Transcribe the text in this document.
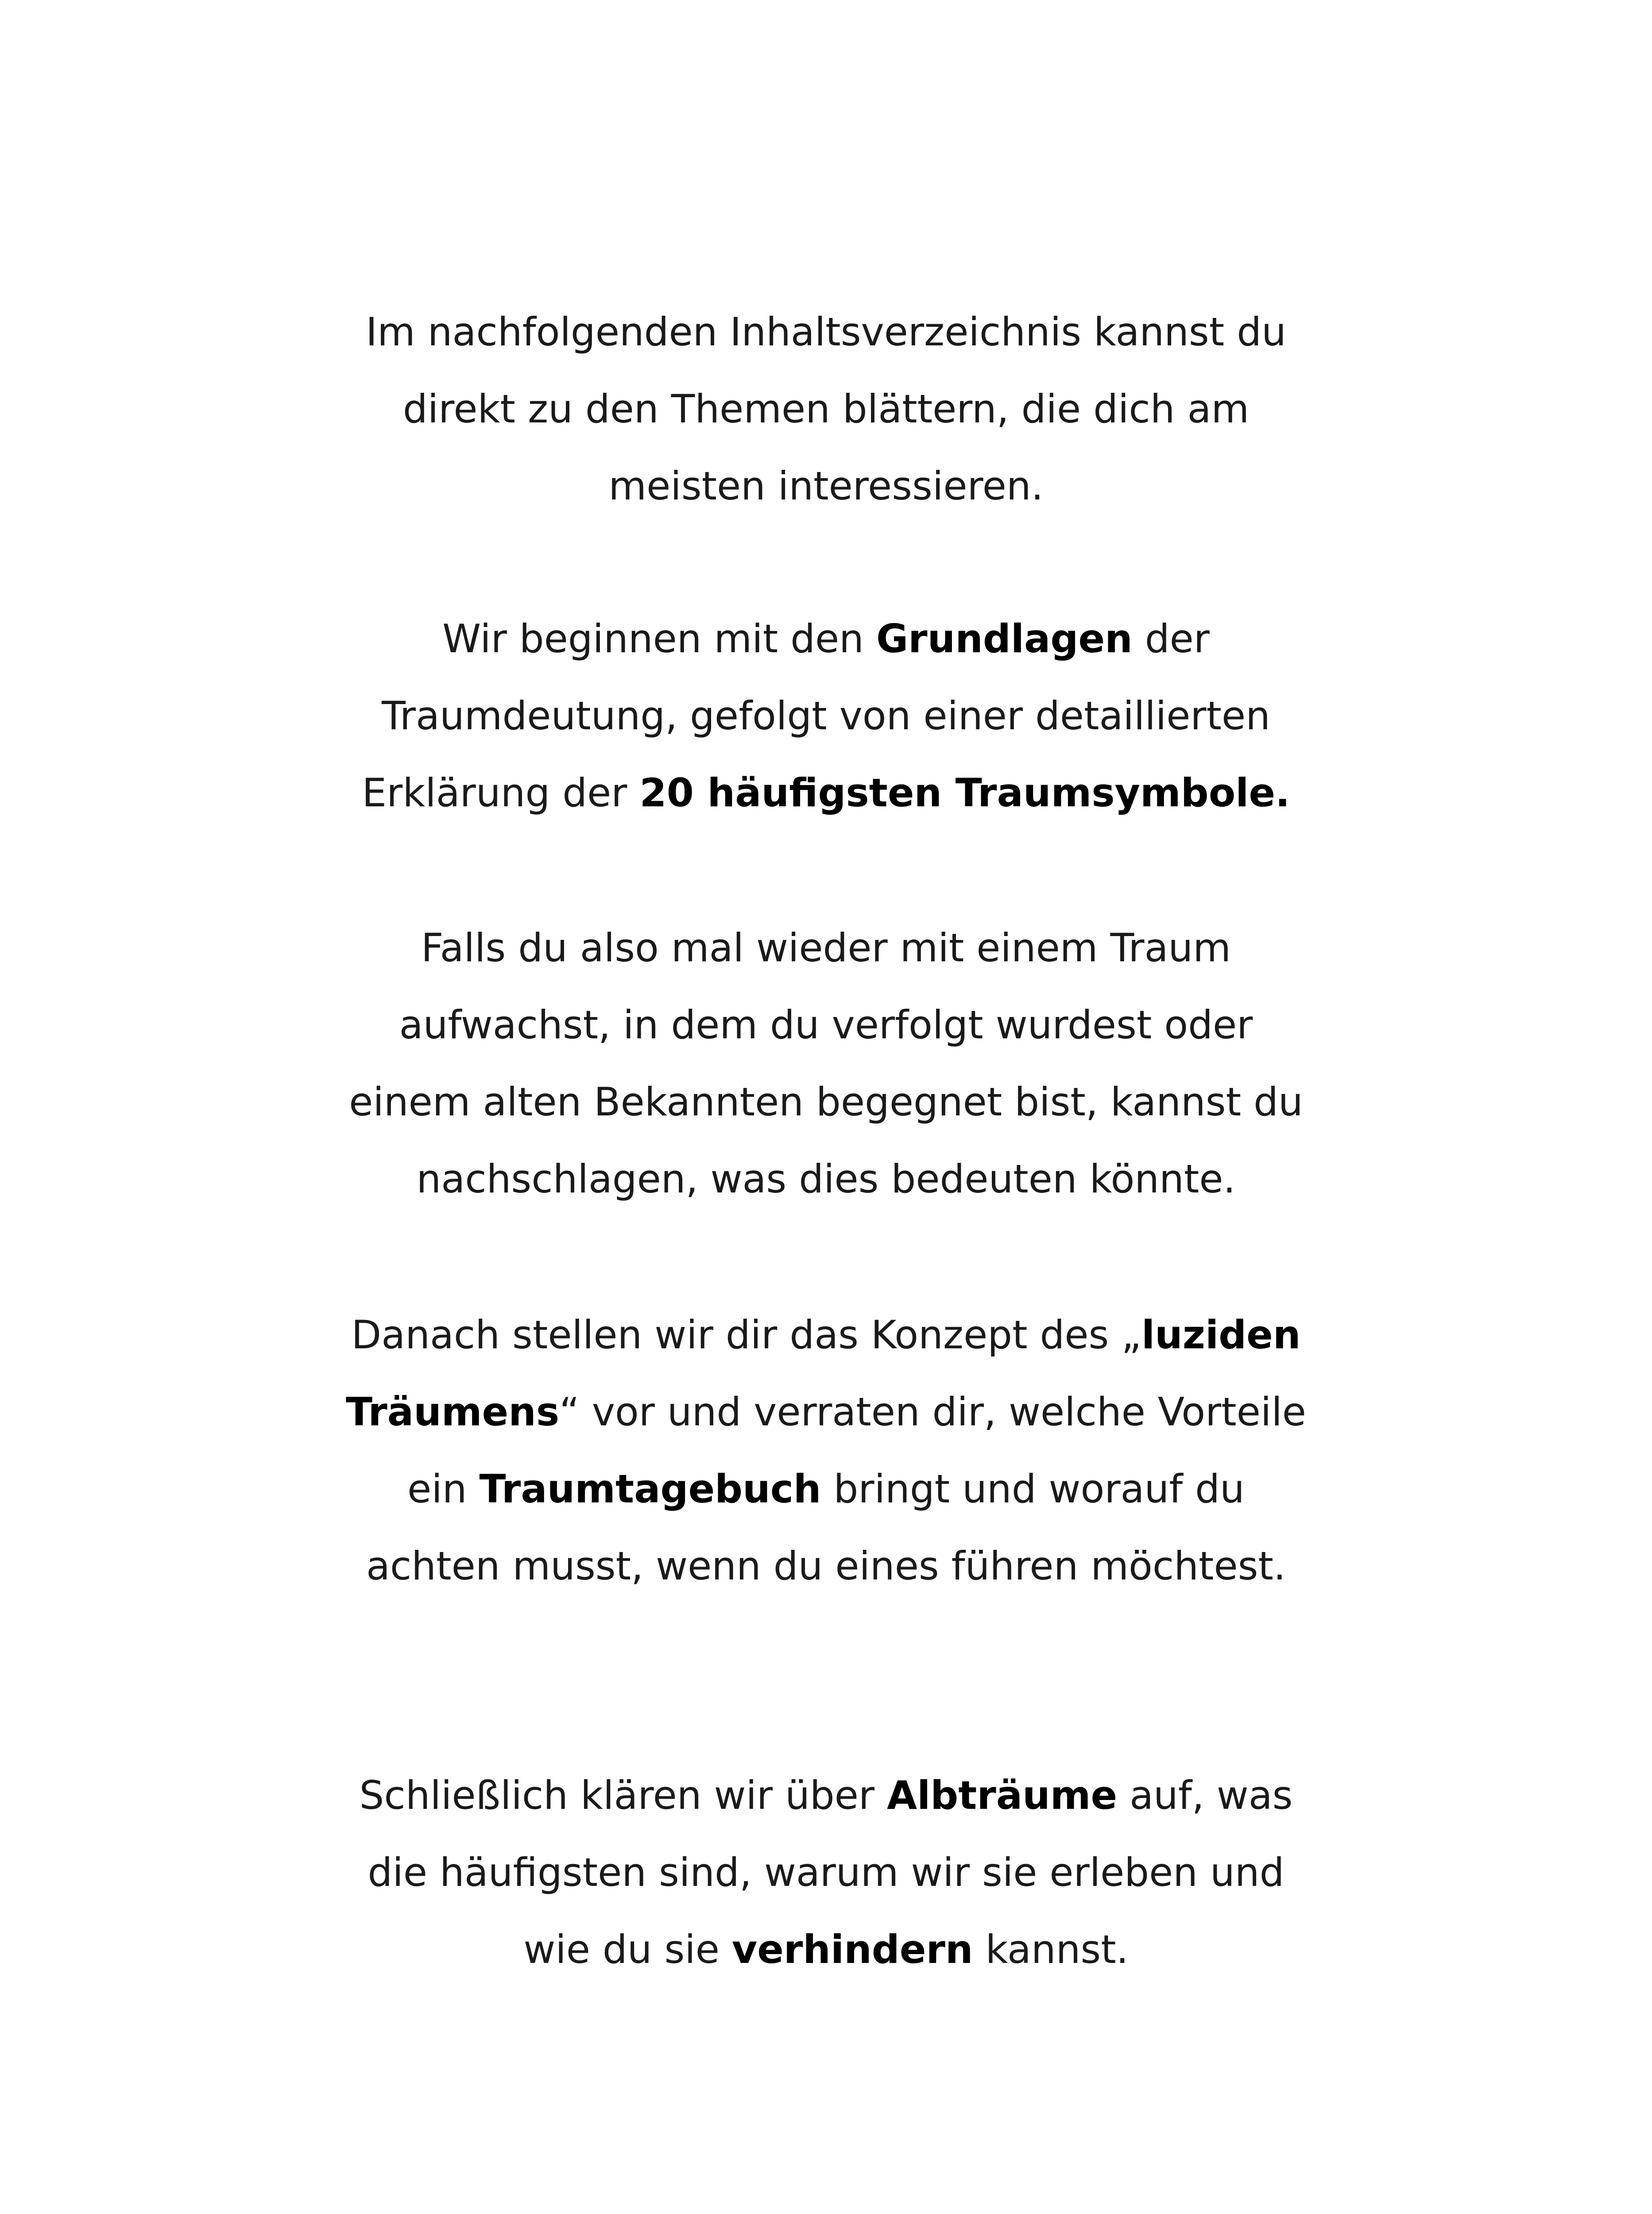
Im nachfolgenden Inhaltsverzeichnis kannst du
direkt zu den Themen blättern, die dich am
meisten interessieren.
Wir beginnen mit den Grundlagen der
Traumdeutung, gefolgt von einer detaillierten
Erklärung der 20 häufigsten Traumsymbole.
Falls du also mal wieder mit einem Traum
aufwachst, in dem du verfolgt wurdest oder
einem alten Bekannten begegnet bist, kannst du
nachschlagen, was dies bedeuten könnte.
Danach stellen wir dir das Konzept des „luziden
Träumens“ vor und verraten dir, welche Vorteile
ein Traumtagebuch bringt und worauf du
achten musst, wenn du eines führen möchtest.
Schließlich klären wir über Albträume auf, was
die häufigsten sind, warum wir sie erleben und
wie du sie verhindern kannst.
